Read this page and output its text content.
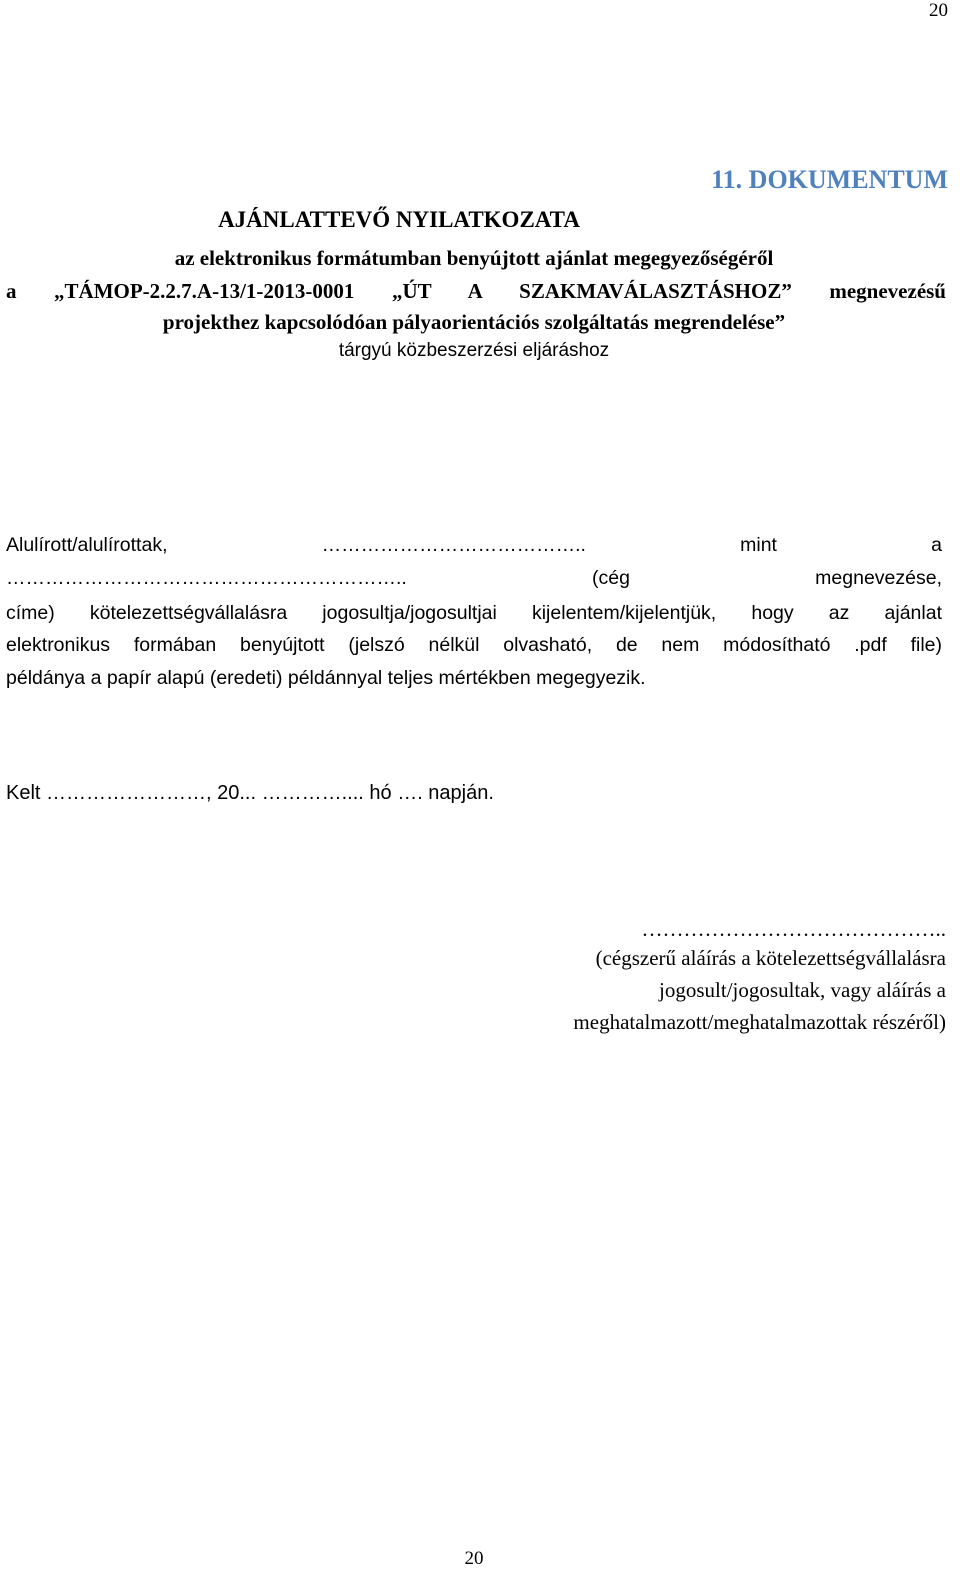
20
11. DOKUMENTUM
AJÁNLATTEVŐ NYILATKOZATA
az elektronikus formátumban benyújtott ajánlat megegyezőségéről
a „TÁMOP-2.2.7.A-13/1-2013-0001 „ÚT A SZAKMAVÁLASZTÁSHOZ” megnevezésű
projekthez kapcsolódóan pályaorientációs szolgáltatás megrendelése”
tárgyú közbeszerzési eljáráshoz
Alulírott/alulírottak,	…………………………………..	mint	a
……………………………………………………..	(cég megnevezése,
címe) kötelezettségvállalásra jogosultja/jogosultjai kijelentem/kijelentjük, hogy az ajánlat
elektronikus formában benyújtott (jelszó nélkül olvasható, de nem módosítható .pdf file)
példánya a papír alapú (eredeti) példánnyal teljes mértékben megegyezik.
Kelt ……………………, 20... ………….... hó …. napján.
……………………………………..
(cégszerű aláírás a kötelezettségvállalásra
jogosult/jogosultak, vagy aláírás a
meghatalmazott/meghatalmazottak részéről)
20
